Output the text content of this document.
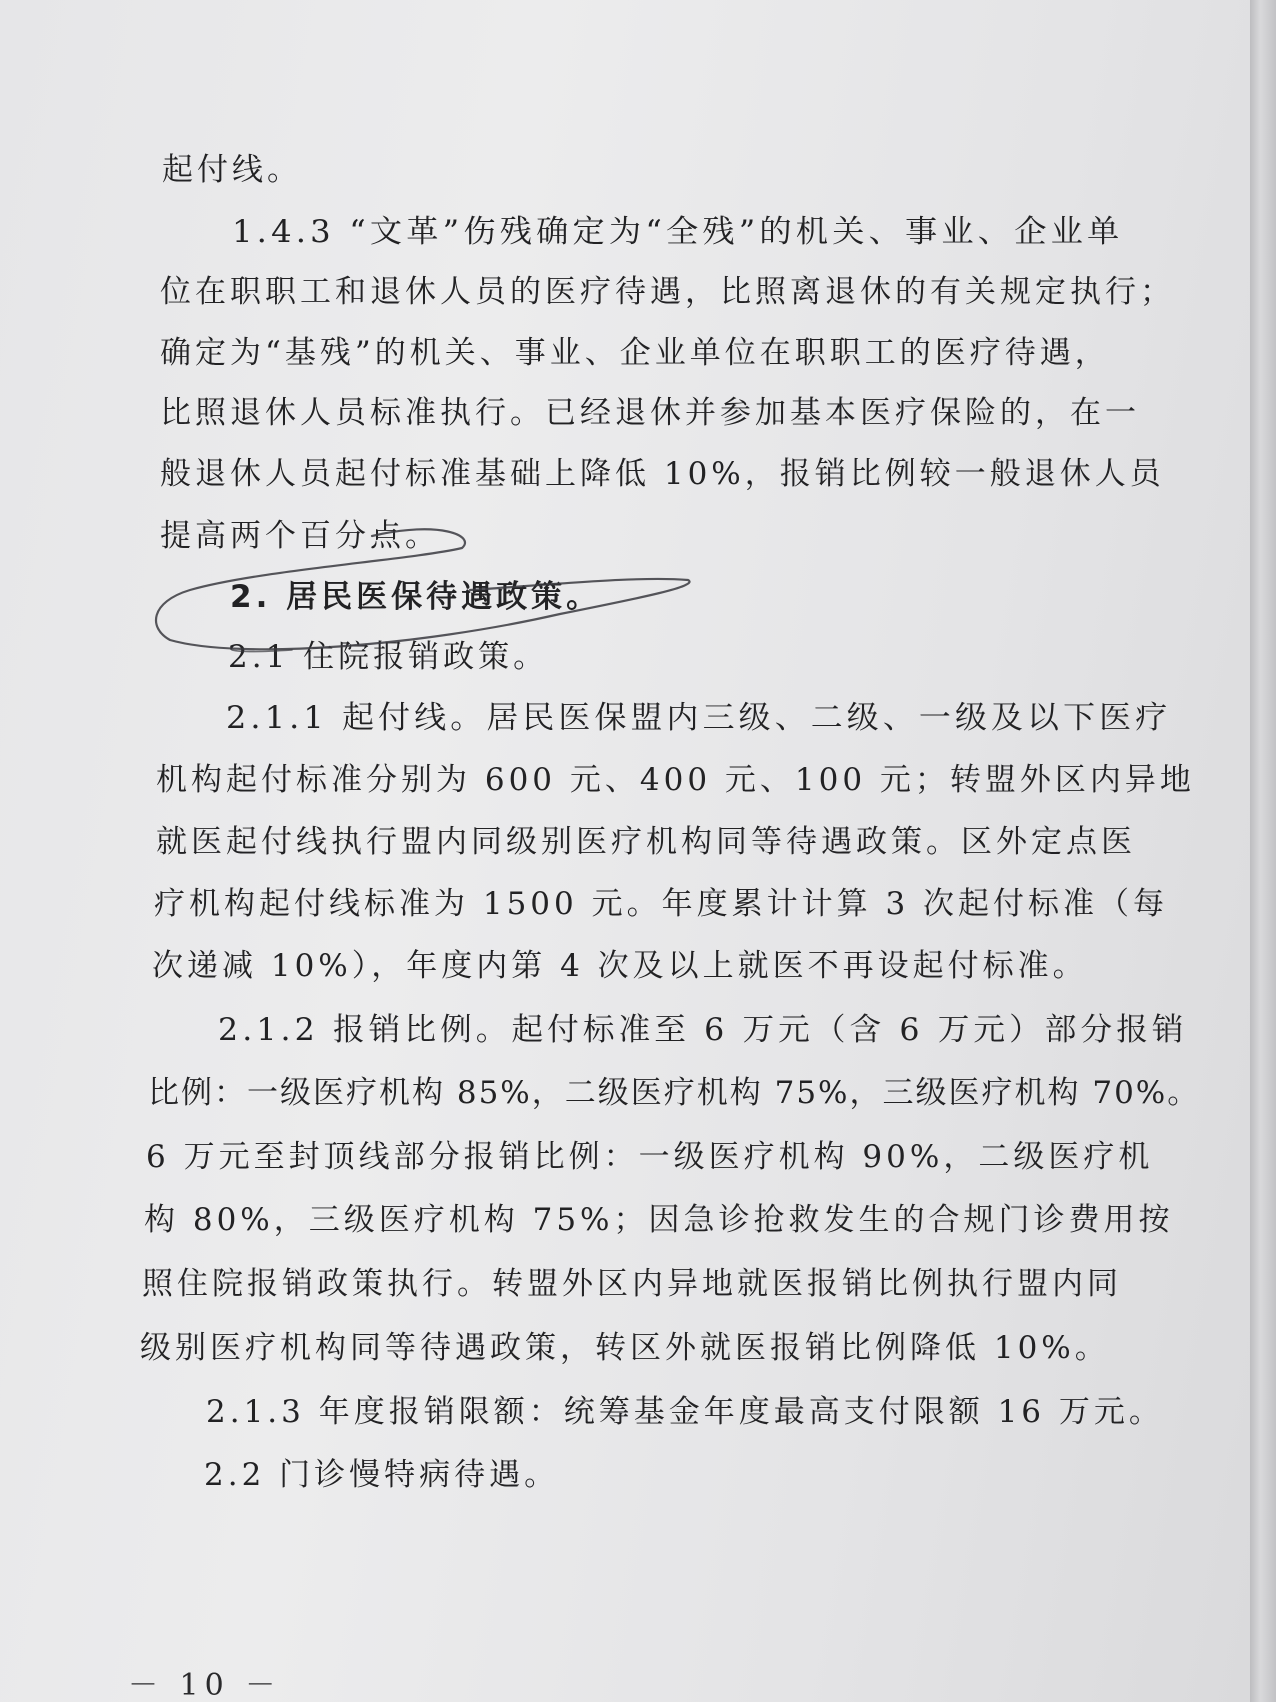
起付线。
1.4.3 “文革”伤残确定为“全残”的机关、事业、企业单
位在职职工和退休人员的医疗待遇，比照离退休的有关规定执行；
确定为“基残”的机关、事业、企业单位在职职工的医疗待遇，
比照退休人员标准执行。已经退休并参加基本医疗保险的，在一
般退休人员起付标准基础上降低 10%，报销比例较一般退休人员
提高两个百分点。
2. 居民医保待遇政策。
2.1 住院报销政策。
2.1.1 起付线。居民医保盟内三级、二级、一级及以下医疗
机构起付标准分别为 600 元、400 元、100 元；转盟外区内异地
就医起付线执行盟内同级别医疗机构同等待遇政策。区外定点医
疗机构起付线标准为 1500 元。年度累计计算 3 次起付标准（每
次递减 10%），年度内第 4 次及以上就医不再设起付标准。
2.1.2 报销比例。起付标准至 6 万元（含 6 万元）部分报销
比例：一级医疗机构 85%，二级医疗机构 75%，三级医疗机构 70%。
6 万元至封顶线部分报销比例：一级医疗机构 90%，二级医疗机
构 80%，三级医疗机构 75%；因急诊抢救发生的合规门诊费用按
照住院报销政策执行。转盟外区内异地就医报销比例执行盟内同
级别医疗机构同等待遇政策，转区外就医报销比例降低 10%。
2.1.3 年度报销限额：统筹基金年度最高支付限额 16 万元。
2.2 门诊慢特病待遇。
－ 10 －
